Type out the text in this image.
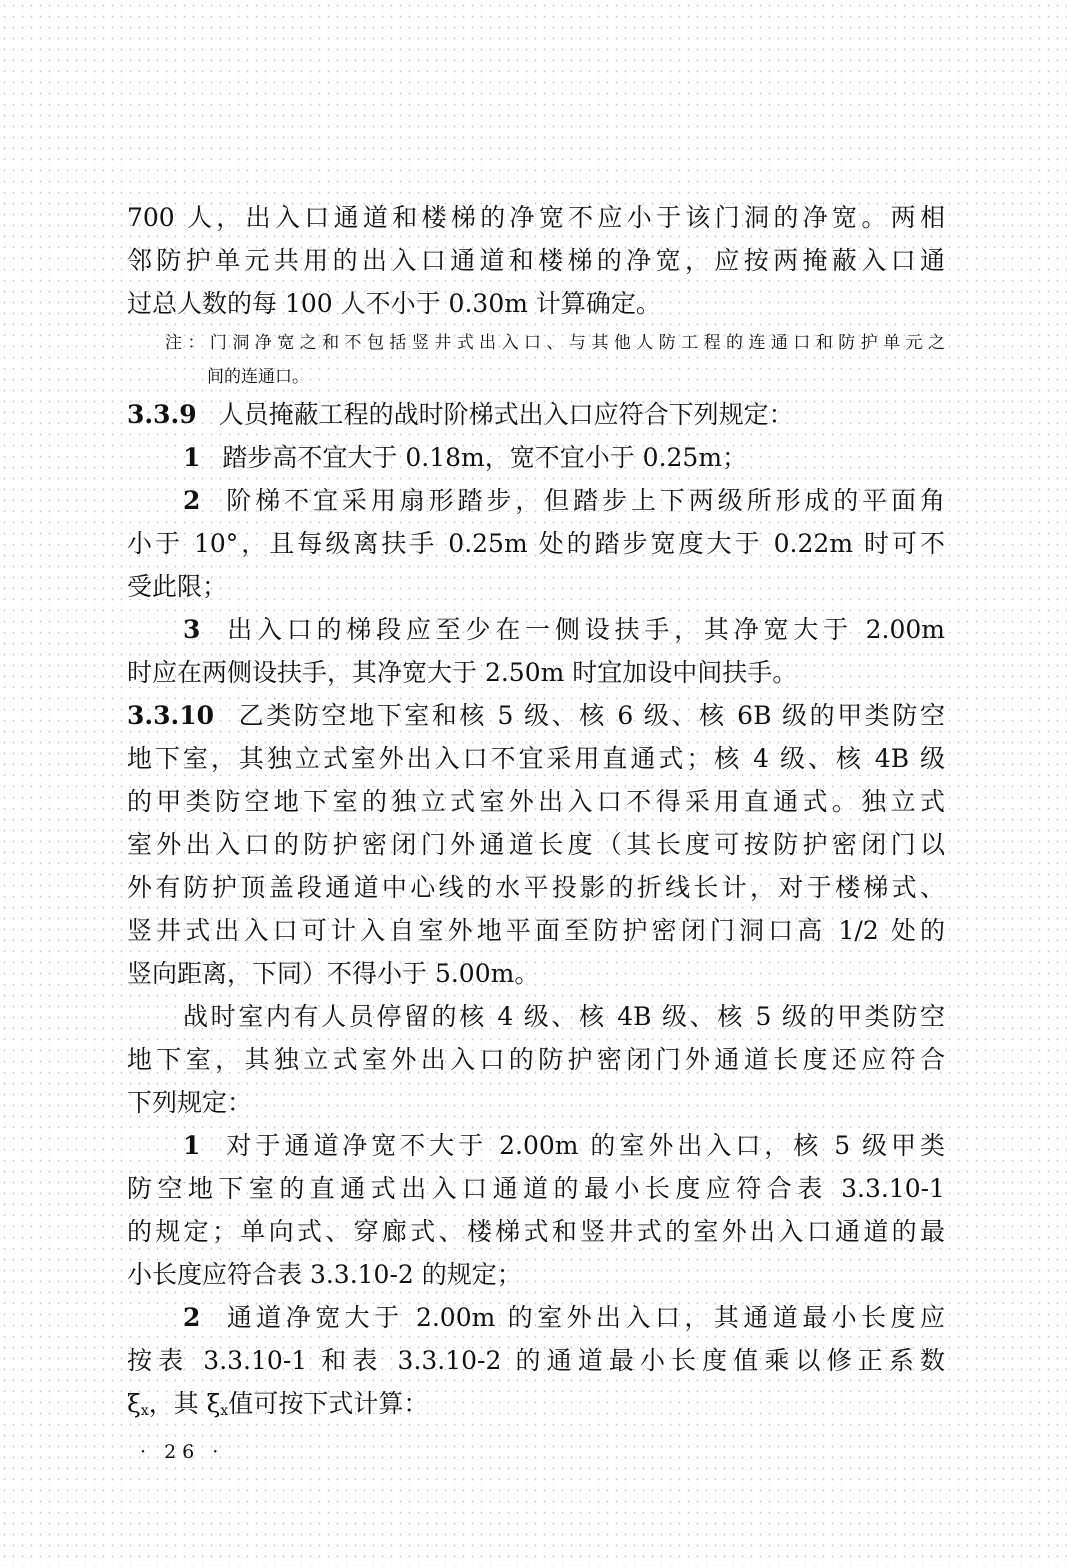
700 人，出入口通道和楼梯的净宽不应小于该门洞的净宽。两相
邻防护单元共用的出入口通道和楼梯的净宽，应按两掩蔽入口通
过总人数的每 100 人不小于 0.30m 计算确定。
注：门洞净宽之和不包括竖井式出入口、与其他人防工程的连通口和防护单元之
间的连通口。
3.3.9 人员掩蔽工程的战时阶梯式出入口应符合下列规定：
1 踏步高不宜大于 0.18m，宽不宜小于 0.25m；
2 阶梯不宜采用扇形踏步，但踏步上下两级所形成的平面角
小于 10°，且每级离扶手 0.25m 处的踏步宽度大于 0.22m 时可不
受此限；
3 出入口的梯段应至少在一侧设扶手，其净宽大于 2.00m
时应在两侧设扶手，其净宽大于 2.50m 时宜加设中间扶手。
3.3.10 乙类防空地下室和核 5 级、核 6 级、核 6B 级的甲类防空
地下室，其独立式室外出入口不宜采用直通式；核 4 级、核 4B 级
的甲类防空地下室的独立式室外出入口不得采用直通式。独立式
室外出入口的防护密闭门外通道长度（其长度可按防护密闭门以
外有防护顶盖段通道中心线的水平投影的折线长计，对于楼梯式、
竖井式出入口可计入自室外地平面至防护密闭门洞口高 1/2 处的
竖向距离，下同）不得小于 5.00m。
战时室内有人员停留的核 4 级、核 4B 级、核 5 级的甲类防空
地下室，其独立式室外出入口的防护密闭门外通道长度还应符合
下列规定：
1 对于通道净宽不大于 2.00m 的室外出入口，核 5 级甲类
防空地下室的直通式出入口通道的最小长度应符合表 3.3.10-1
的规定；单向式、穿廊式、楼梯式和竖井式的室外出入口通道的最
小长度应符合表 3.3.10-2 的规定；
2 通道净宽大于 2.00m 的室外出入口，其通道最小长度应
按表 3.3.10-1 和表 3.3.10-2 的通道最小长度值乘以修正系数
$\xi_x$，其 $\xi_x$值可按下式计算：
· 26 ·
